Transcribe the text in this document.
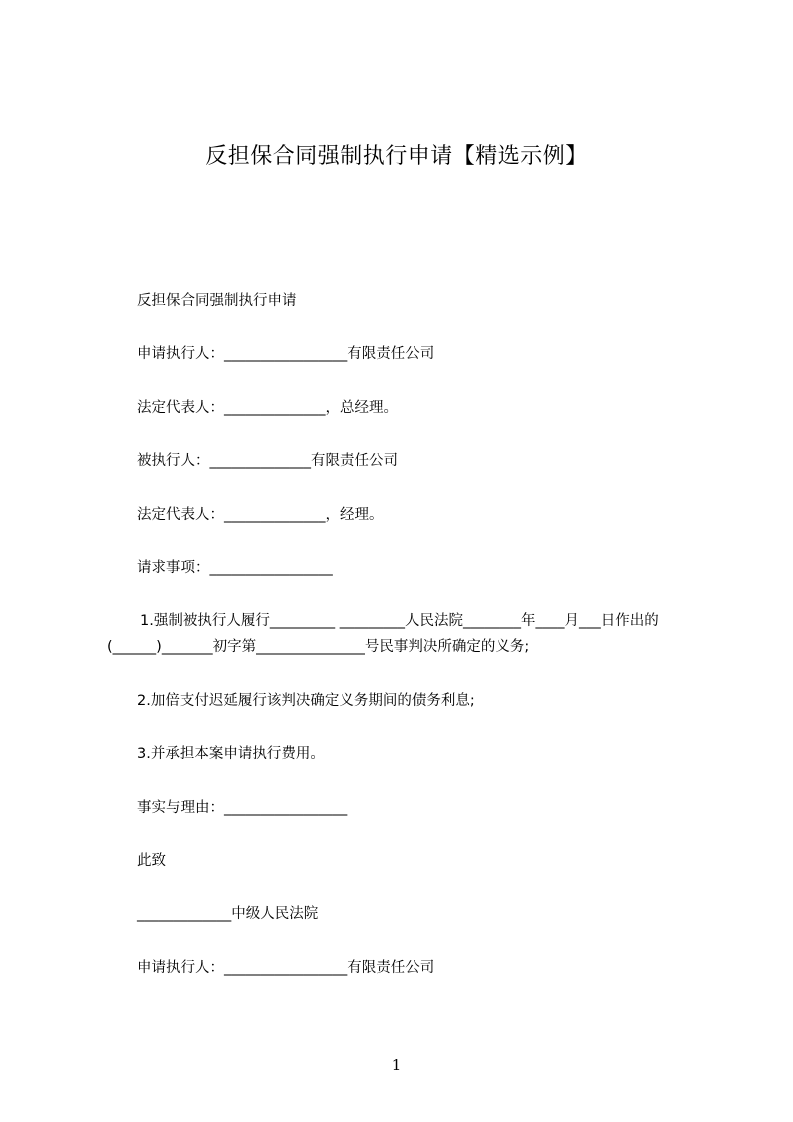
反担保合同强制执行申请【精选示例】
反担保合同强制执行申请
申请执行人：_________________有限责任公司
法定代表人：______________，总经理。
被执行人：______________有限责任公司
法定代表人：______________，经理。
请求事项：_________________
1.强制被执行人履行_________ _________人民法院________年____月___日作出的(______)_______初字第_______________号民事判决所确定的义务;
2.加倍支付迟延履行该判决确定义务期间的债务利息;
3.并承担本案申请执行费用。
事实与理由：_________________
此致
_____________中级人民法院
申请执行人：_________________有限责任公司
1
